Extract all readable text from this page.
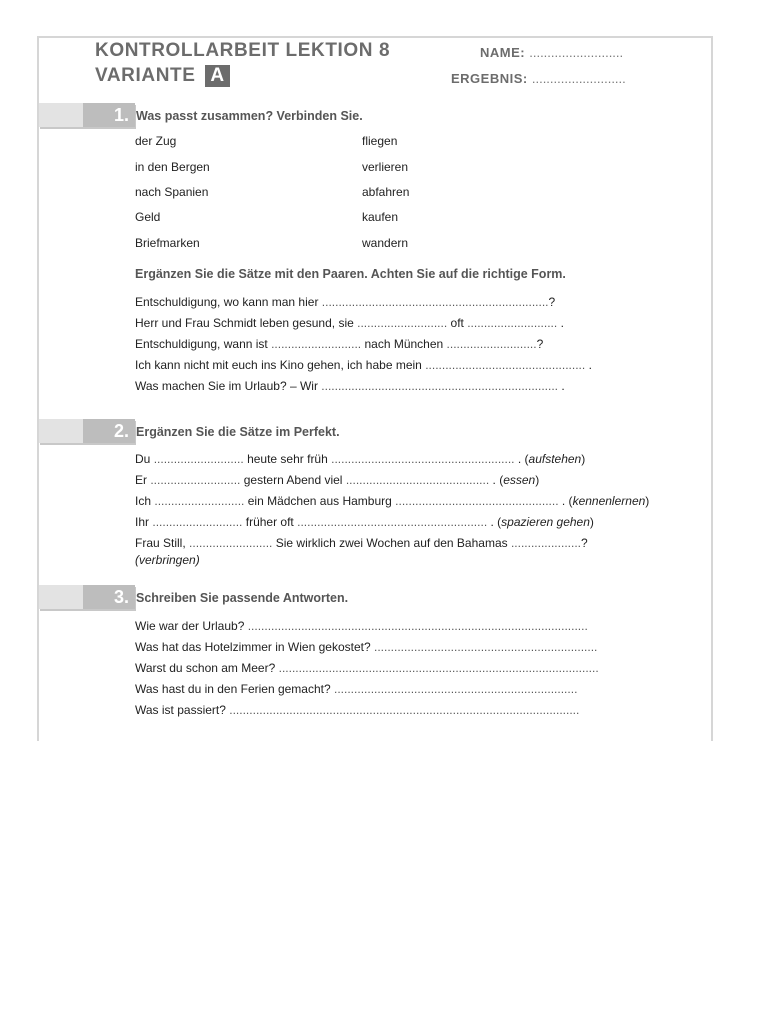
KONTROLLARBEIT LEKTION 8
VARIANTE A
NAME: ..........................
ERGEBNIS: ..........................
1. Was passt zusammen? Verbinden Sie.
der Zug
in den Bergen
nach Spanien
Geld
Briefmarken
fliegen
verlieren
abfahren
kaufen
wandern
Ergänzen Sie die Sätze mit den Paaren. Achten Sie auf die richtige Form.
Entschuldigung, wo kann man hier ....................................................................?
Herr und Frau Schmidt leben gesund, sie ........................... oft ........................... .
Entschuldigung, wann ist ........................... nach München ...........................?
Ich kann nicht mit euch ins Kino gehen, ich habe mein ................................................ .
Was machen Sie im Urlaub? – Wir ....................................................................... .
2. Ergänzen Sie die Sätze im Perfekt.
Du ........................... heute sehr früh ....................................................... . (aufstehen)
Er ........................... gestern Abend viel ........................................... . (essen)
Ich ........................... ein Mädchen aus Hamburg ................................................. . (kennenlernen)
Ihr ........................... früher oft ......................................................... . (spazieren gehen)
Frau Still, ......................... Sie wirklich zwei Wochen auf den Bahamas .....................?
(verbringen)
3. Schreiben Sie passende Antworten.
Wie war der Urlaub? ......................................................................................................
Was hat das Hotelzimmer in Wien gekostet? ...................................................................
Warst du schon am Meer? ................................................................................................
Was hast du in den Ferien gemacht? .........................................................................
Was ist passiert? .........................................................................................................
